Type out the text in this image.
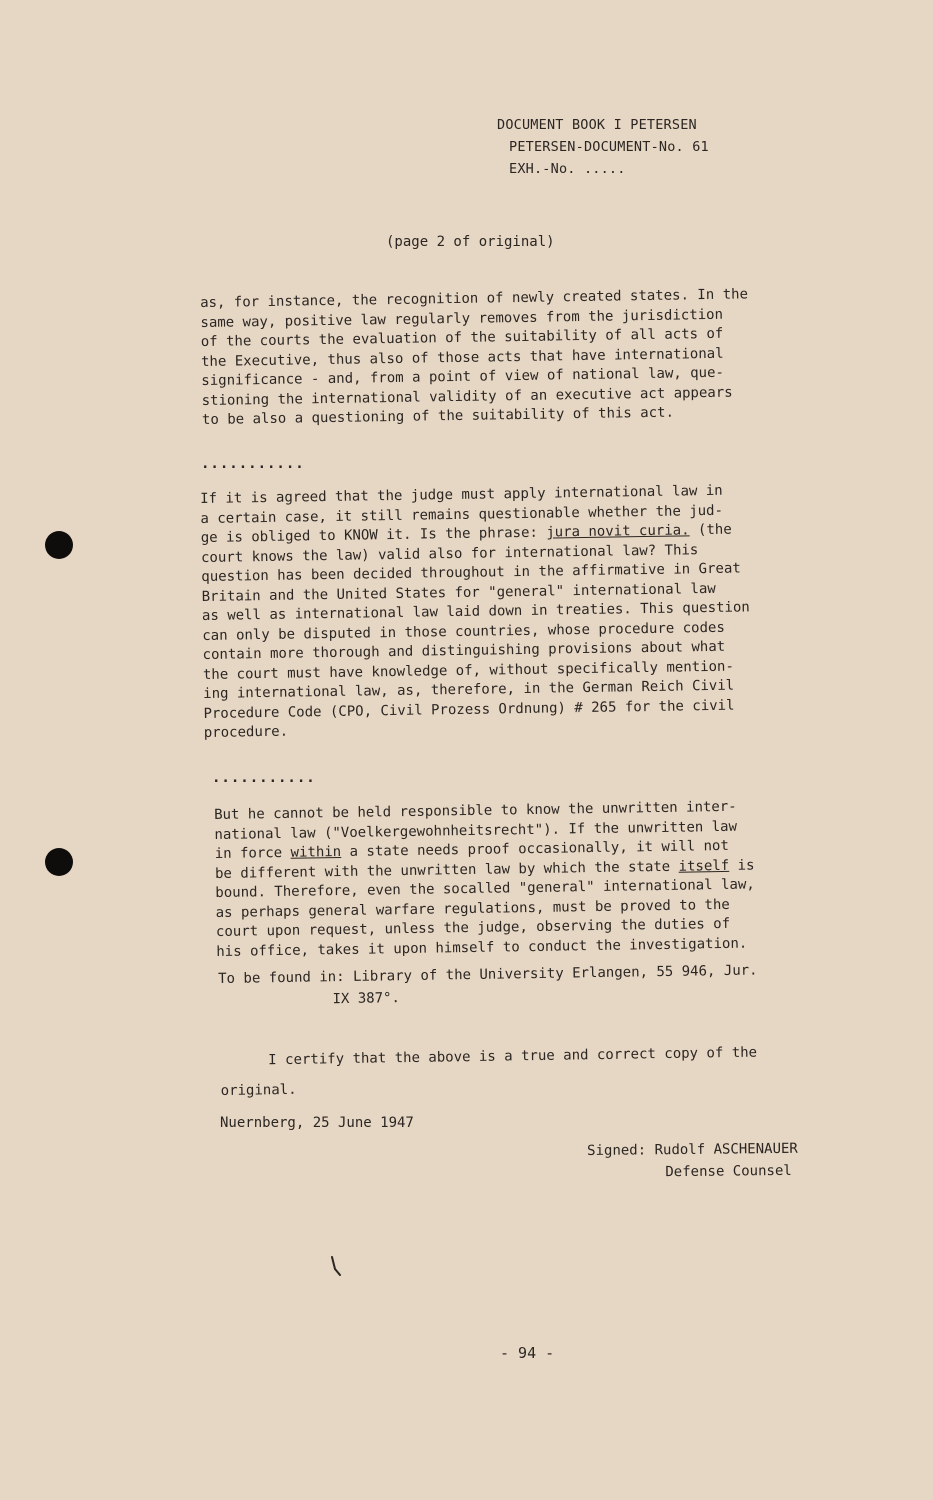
DOCUMENT BOOK I PETERSEN
PETERSEN-DOCUMENT-No. 61
EXH.-No. .....
(page 2 of original)

as, for instance, the recognition of newly created states. In the

same way, positive law regularly removes from the jurisdiction

of the courts the evaluation of the suitability of all acts of

the Executive, thus also of those acts that have international

significance - and, from a point of view of national law, que-

stioning the international validity of an executive act appears

to be also a questioning of the suitability of this act.

...........

If it is agreed that the judge must apply international law in

a certain case, it still remains questionable whether the jud-

ge is obliged to KNOW it. Is the phrase: jura novit curia. (the

court knows the law) valid also for international law? This

question has been decided throughout in the affirmative in Great

Britain and the United States for "general" international law

as well as international law laid down in treaties. This question

can only be disputed in those countries, whose procedure codes

contain more thorough and distinguishing provisions about what

the court must have knowledge of, without specifically mention-

ing international law, as, therefore, in the German Reich Civil

Procedure Code (CPO, Civil Prozess Ordnung) # 265 for the civil

procedure.

...........

But he cannot be held responsible to know the unwritten inter-

national law ("Voelkergewohnheitsrecht"). If the unwritten law

in force within a state needs proof occasionally, it will not

be different with the unwritten law by which the state itself is

bound. Therefore, even the socalled "general" international law,

as perhaps general warfare regulations, must be proved to the

court upon request, unless the judge, observing the duties of

his office, takes it upon himself to conduct the investigation.

To be found in: Library of the University Erlangen, 55 946, Jur.
IX 387°.
I certify that the above is a true and correct copy of the
original.
Nuernberg, 25 June 1947
Signed: Rudolf ASCHENAUER
Defense Counsel
- 94 -
